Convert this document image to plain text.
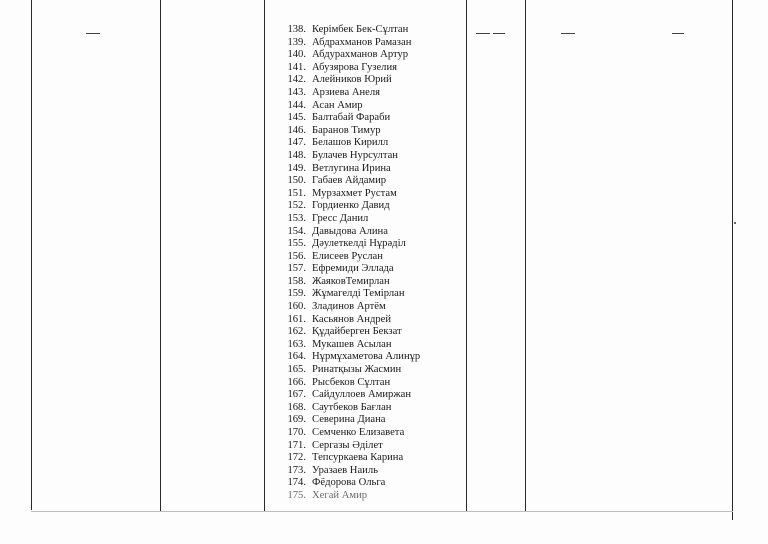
138. Керімбек Бек-Сұлтан
139. Абдрахманов Рамазан
140. Абдурахманов Артур
141. Абузярова Гузелия
142. Алейников Юрий
143. Арзиева Анеля
144. Асан Амир
145. Балтабай Фараби
146. Баранов Тимур
147. Белашов Кирилл
148. Булачев Нурсултан
149. Ветлугина Ирина
150. Габаев Айдамир
151. Мурзахмет Рустам
152. Гордиенко Давид
153. Гресс Данил
154. Давыдова Алина
155. Дәулеткелді Нұрәділ
156. Елисеев Руслан
157. Ефремиди Эллада
158. ЖаяковТемирлан
159. Жұмагелді Темірлан
160. Зладинов Артём
161. Касьянов Андрей
162. Құдайберген Бекзат
163. Мукашев Асылан
164. Нұрмұхаметова Алинұр
165. Ринатқызы Жасмин
166. Рысбеков Сұлтан
167. Сайдуллоев Амиржан
168. Саутбеков Бағлан
169. Северина Диана
170. Семченко Елизавета
171. Сергазы Әділет
172. Тепсуркаева Карина
173. Уразаев Наиль
174. Фёдорова Ольга
175. Хегай Амир
